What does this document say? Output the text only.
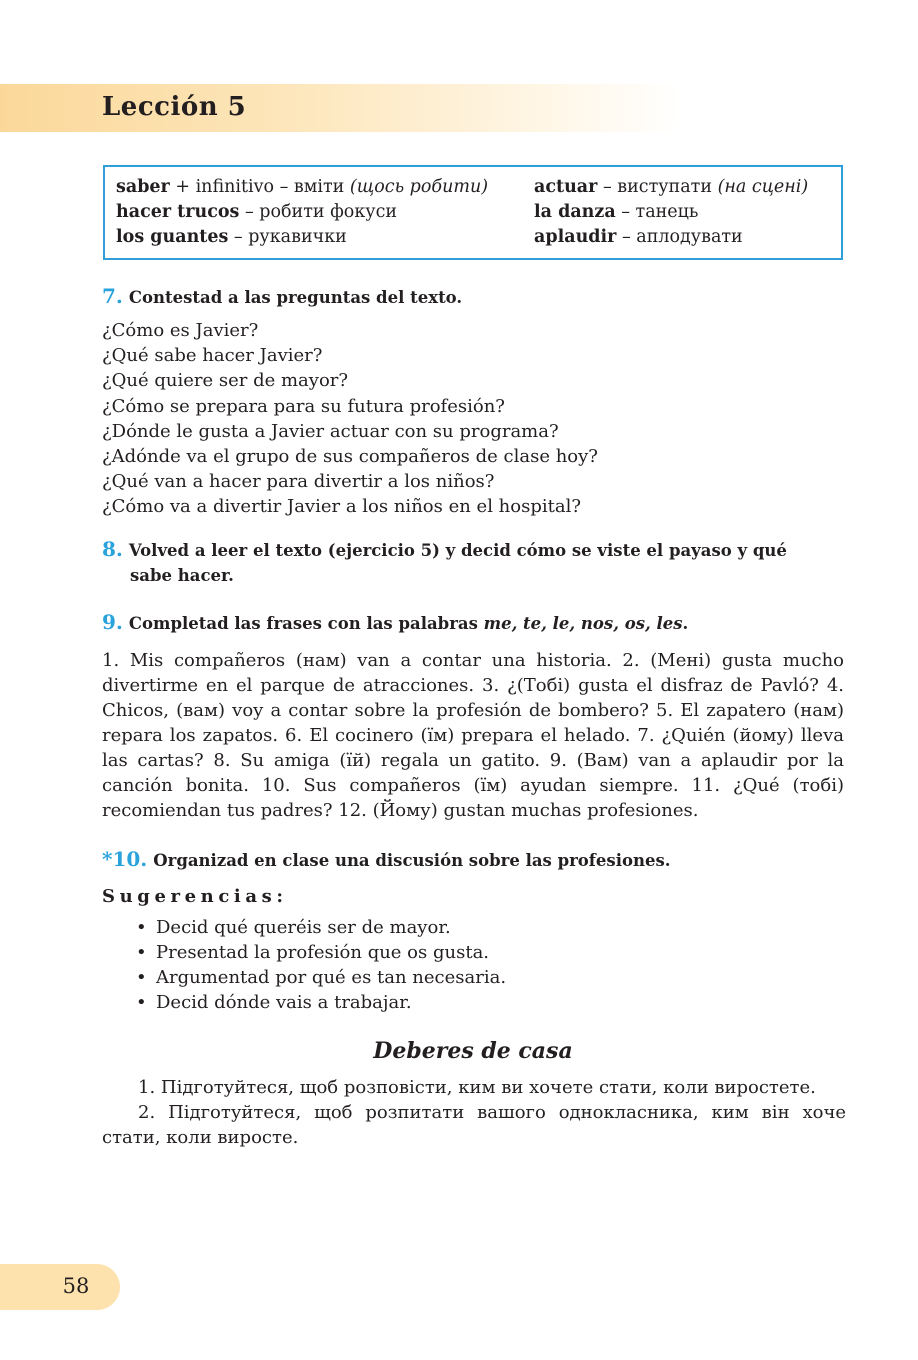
Lección 5
saber + infinitivo – вміти (щось робити)
hacer trucos – робити фокуси
los guantes – рукавички
actuar – виступати (на сцені)
la danza – танець
aplaudir – аплодувати
7. Contestad a las preguntas del texto.
¿Cómo es Javier?
¿Qué sabe hacer Javier?
¿Qué quiere ser de mayor?
¿Cómo se prepara para su futura profesión?
¿Dónde le gusta a Javier actuar con su programa?
¿Adónde va el grupo de sus compañeros de clase hoy?
¿Qué van a hacer para divertir a los niños?
¿Cómo va a divertir Javier a los niños en el hospital?
8. Volved a leer el texto (ejercicio 5) y decid cómo se viste el payaso y qué
sabe hacer.
9. Completad las frases con las palabras me, te, le, nos, os, les.
1. Mis compañeros (нам) van a contar una historia. 2. (Мені) gusta mucho divertirme en el parque de atracciones. 3. ¿(Тобі) gusta el disfraz de Pavló? 4. Chicos, (вам) voy a contar sobre la profesión de bombero? 5. El zapatero (нам) repara los zapatos. 6. El cocinero (їм) prepara el helado. 7. ¿Quién (йому) lleva las cartas? 8. Su amiga (їй) regala un gatito. 9. (Вам) van a aplaudir por la canción bonita. 10. Sus compañeros (їм) ayudan siempre. 11. ¿Qué (тобі) recomiendan tus padres? 12. (Йому) gustan muchas profesiones.
*10. Organizad en clase una discusión sobre las profesiones.
Sugerencias:
• Decid qué queréis ser de mayor.
• Presentad la profesión que os gusta.
• Argumentad por qué es tan necesaria.
• Decid dónde vais a trabajar.
Deberes de casa

1. Підготуйтеся, щоб розповісти, ким ви хочете стати, коли виростете.

2. Підготуйтеся, щоб розпитати вашого однокласника, ким він хоче стати, коли виросте.

58
